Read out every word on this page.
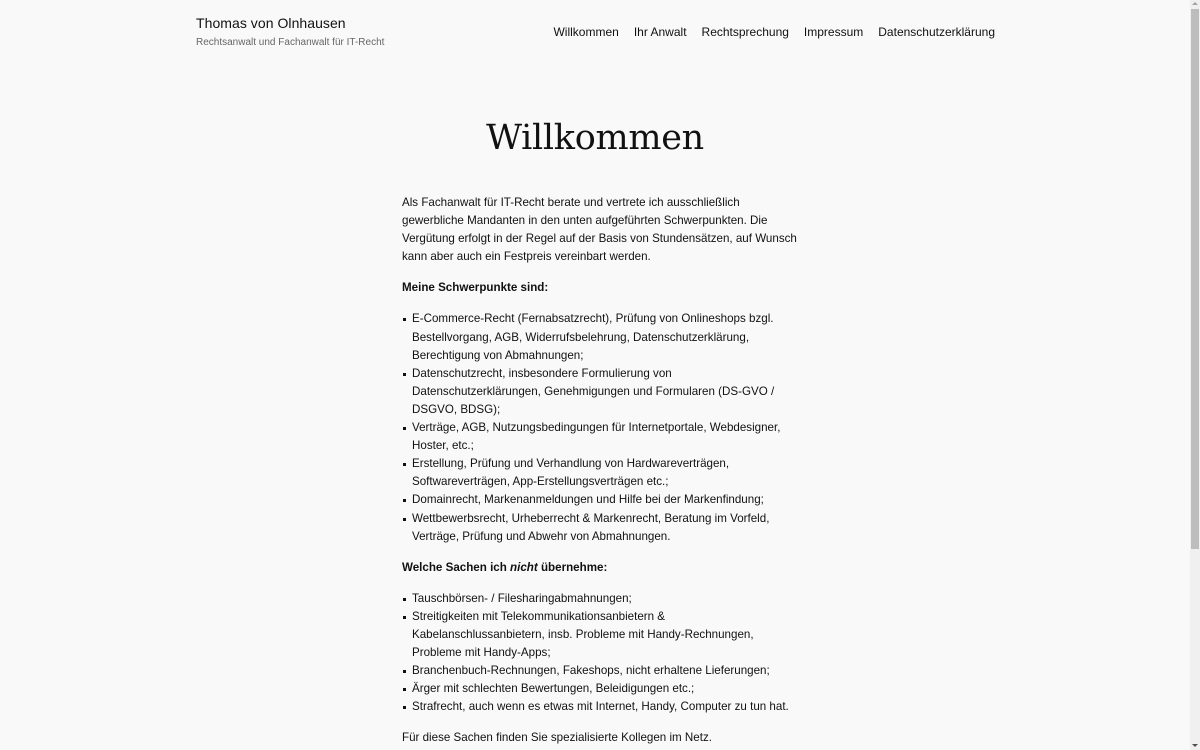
Thomas von Olnhausen
Rechtsanwalt und Fachanwalt für IT-Recht
Willkommen Ihr Anwalt Rechtsprechung Impressum Datenschutzerklärung
Willkommen

Als Fachanwalt für IT-Recht berate und vertrete ich ausschließlich gewerbliche Mandanten in den unten aufgeführten Schwerpunkten. Die Vergütung erfolgt in der Regel auf der Basis von Stundensätzen, auf Wunsch kann aber auch ein Festpreis vereinbart werden.

Meine Schwerpunkte sind:

E-Commerce-Recht (Fernabsatzrecht), Prüfung von Onlineshops bzgl. Bestellvorgang, AGB, Widerrufsbelehrung, Datenschutzerklärung, Berechtigung von Abmahnungen;
Datenschutzrecht, insbesondere Formulierung von Datenschutzerklärungen, Genehmigungen und Formularen (DS-GVO / DSGVO, BDSG);
Verträge, AGB, Nutzungsbedingungen für Internetportale, Webdesigner, Hoster, etc.;
Erstellung, Prüfung und Verhandlung von Hardwareverträgen, Softwareverträgen, App-Erstellungsverträgen etc.;
Domainrecht, Markenanmeldungen und Hilfe bei der Markenfindung;
Wettbewerbsrecht, Urheberrecht & Markenrecht, Beratung im Vorfeld, Verträge, Prüfung und Abwehr von Abmahnungen.

Welche Sachen ich nicht übernehme:

Tauschbörsen- / Filesharingabmahnungen;
Streitigkeiten mit Telekommunikationsanbietern & Kabelanschlussanbietern, insb. Probleme mit Handy-Rechnungen, Probleme mit Handy-Apps;
Branchenbuch-Rechnungen, Fakeshops, nicht erhaltene Lieferungen;
Ärger mit schlechten Bewertungen, Beleidigungen etc.;
Strafrecht, auch wenn es etwas mit Internet, Handy, Computer zu tun hat.

Für diese Sachen finden Sie spezialisierte Kollegen im Netz.
